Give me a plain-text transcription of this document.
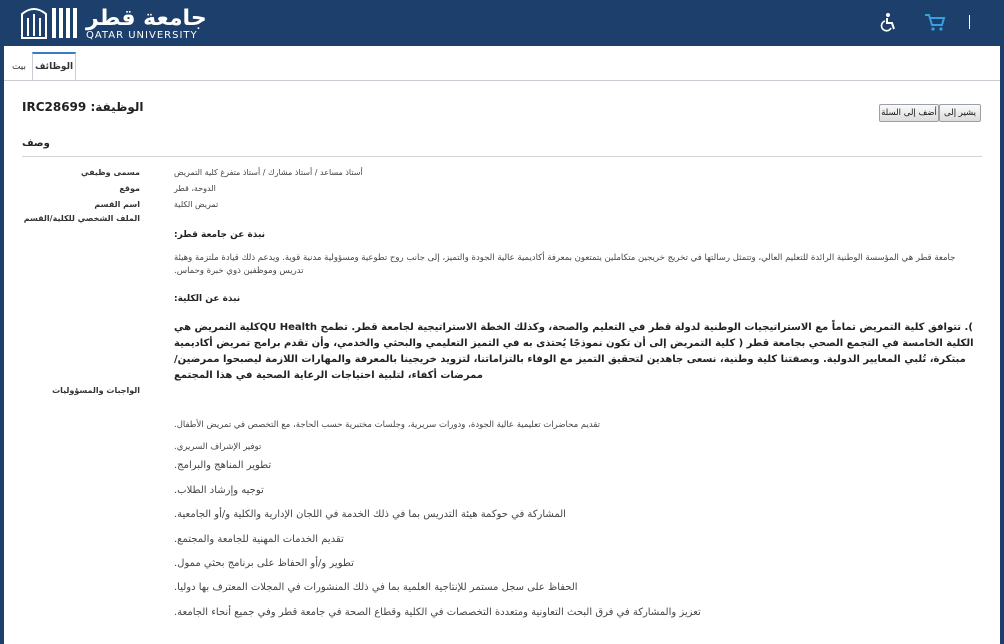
جامعة قطر
QATAR UNIVERSITY
بيت الوظائف
IRC28699 :الوظيفة	أضف إلى السلة يشير إلى
وصف
مسمى وظيفي	أستاذ مساعد / أستاذ مشارك / أستاذ متفرغ كلية التمريض
موقع	الدوحة، قطر
اسم القسم	تمريض الكلية
الملف الشخصي للكلية/القسم
نبذة عن جامعة قطر:
جامعة قطر هي المؤسسة الوطنية الرائدة للتعليم العالي، وتتمثل رسالتها في تخريج خريجين متكاملين يتمتعون بمعرفة أكاديمية عالية الجودة والتميز، إلى جانب روح تطوعية ومسؤولية مدنية قوية. ويدعم ذلك قيادة ملتزمة وهيئة تدريس وموظفين ذوي خبرة وحماس.
نبذة عن الكلية:
). تتوافق كلية التمريض تماماً مع الاستراتيجيات الوطنية لدولة قطر في التعليم والصحة، وكذلك الخطة الاستراتيجية لجامعة قطر. تطمح QU Healthكلية التمريض هي الكلية الخامسة في التجمع الصحي بجامعة قطر ( كلية التمريض إلى أن تكون نموذجًا يُحتذى به في التميز التعليمي والبحثي والخدمي، وأن تقدم برامج تمريض أكاديمية مبتكرة، تُلبي المعايير الدولية. وبصفتنا كلية وطنية، نسعى جاهدين لتحقيق التميز مع الوفاء بالتزاماتنا، لتزويد خريجينا بالمعرفة والمهارات اللازمة ليصبحوا ممرضين/ممرضات أكفاء، لتلبية احتياجات الرعاية الصحية في هذا المجتمع
الواجبات والمسؤوليات
تقديم محاضرات تعليمية عالية الجودة، ودورات سريرية، وجلسات مختبرية حسب الحاجة، مع التخصص في تمريض الأطفال.
توفير الإشراف السريري.
تطوير المناهج والبرامج.
توجيه وإرشاد الطلاب.
المشاركة في حوكمة هيئة التدريس بما في ذلك الخدمة في اللجان الإدارية والكلية و/أو الجامعية.
تقديم الخدمات المهنية للجامعة والمجتمع.
تطوير و/أو الحفاظ على برنامج بحثي ممول.
الحفاظ على سجل مستمر للإنتاجية العلمية بما في ذلك المنشورات في المجلات المعترف بها دوليا.
تعزيز والمشاركة في فرق البحث التعاونية ومتعددة التخصصات في الكلية وقطاع الصحة في جامعة قطر وفي جميع أنحاء الجامعة.
